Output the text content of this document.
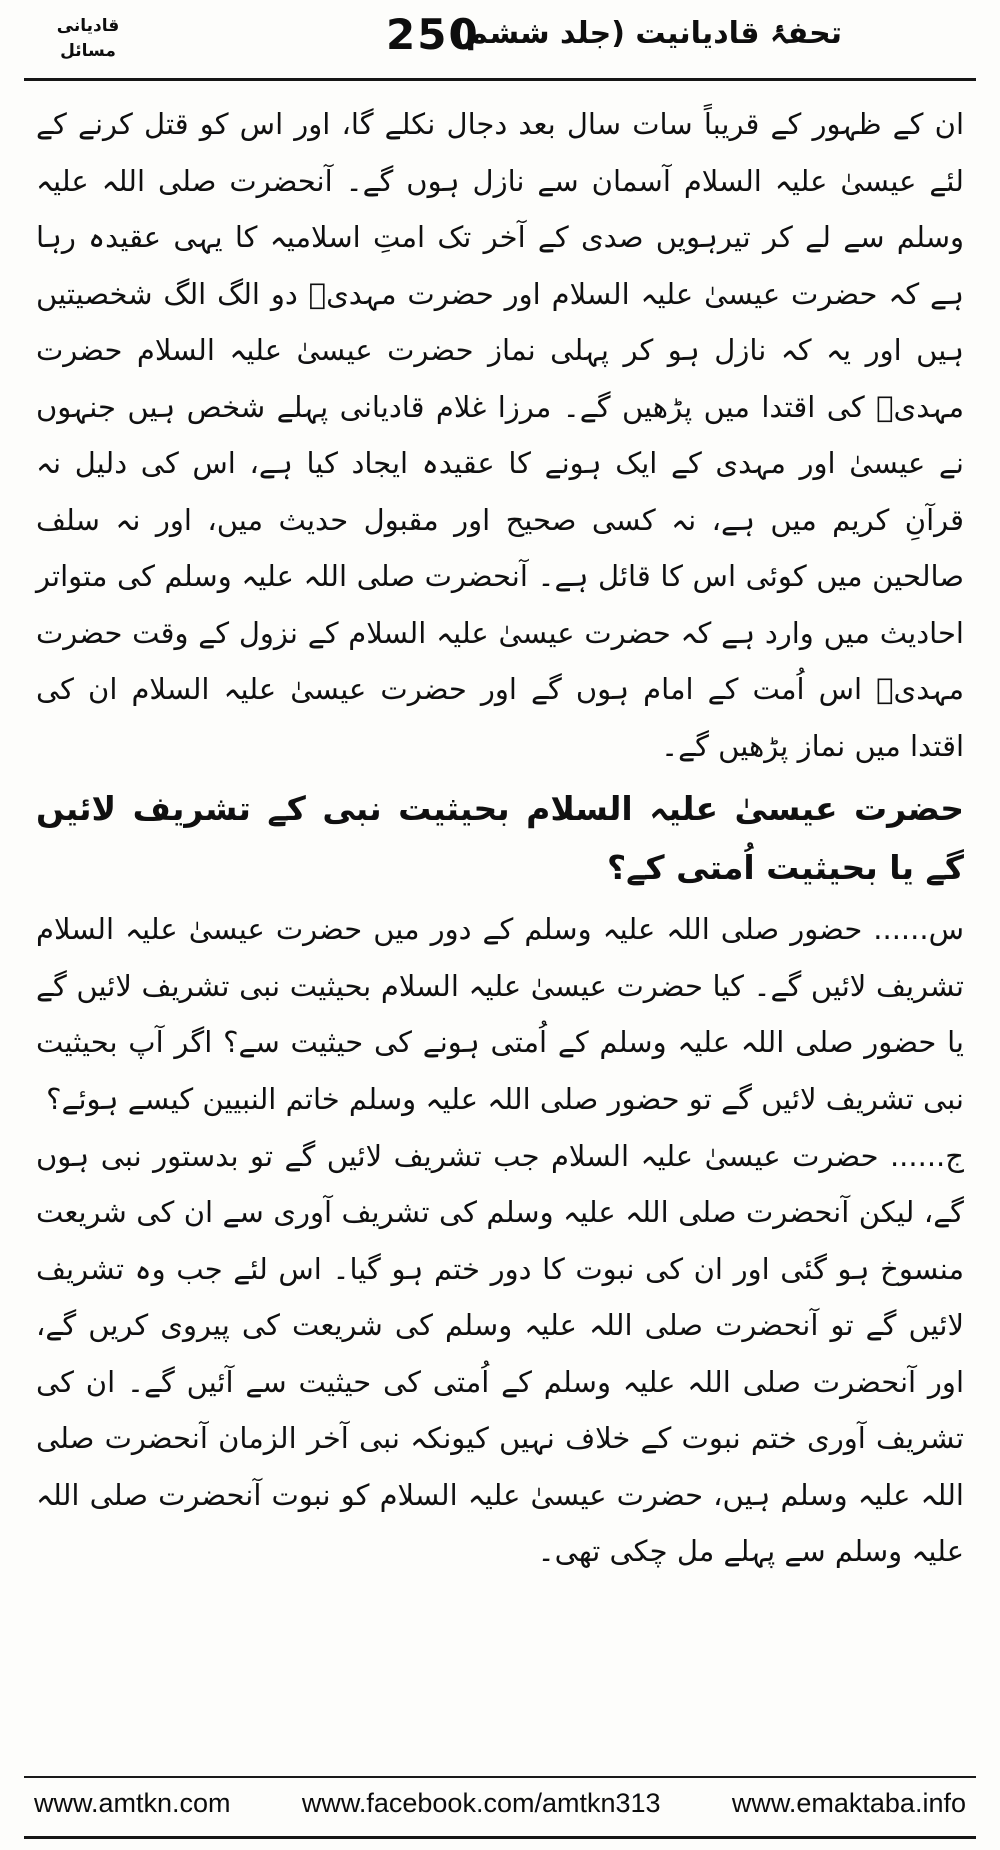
قادیانی
مسائل	250
تحفۂ قادیانیت (جلد ششم)

ان کے ظہور کے قریباً سات سال بعد دجال نکلے گا، اور اس کو قتل کرنے کے لئے عیسیٰ علیہ السلام آسمان سے نازل ہوں گے۔ آنحضرت صلی اللہ علیہ وسلم سے لے کر تیرہویں صدی کے آخر تک امتِ اسلامیہ کا یہی عقیدہ رہا ہے کہ حضرت عیسیٰ علیہ السلام اور حضرت مہدیؓ دو الگ الگ شخصیتیں ہیں اور یہ کہ نازل ہو کر پہلی نماز حضرت عیسیٰ علیہ السلام حضرت مہدیؓ کی اقتدا میں پڑھیں گے۔ مرزا غلام قادیانی پہلے شخص ہیں جنہوں نے عیسیٰ اور مہدی کے ایک ہونے کا عقیدہ ایجاد کیا ہے، اس کی دلیل نہ قرآنِ کریم میں ہے، نہ کسی صحیح اور مقبول حدیث میں، اور نہ سلف صالحین میں کوئی اس کا قائل ہے۔ آنحضرت صلی اللہ علیہ وسلم کی متواتر احادیث میں وارد ہے کہ حضرت عیسیٰ علیہ السلام کے نزول کے وقت حضرت مہدیؓ اس اُمت کے امام ہوں گے اور حضرت عیسیٰ علیہ السلام ان کی اقتدا میں نماز پڑھیں گے۔

حضرت عیسیٰ علیہ السلام بحیثیت نبی کے تشریف لائیں گے یا بحیثیت اُمتی کے؟

س...... حضور صلی اللہ علیہ وسلم کے دور میں حضرت عیسیٰ علیہ السلام تشریف لائیں گے۔ کیا حضرت عیسیٰ علیہ السلام بحیثیت نبی تشریف لائیں گے یا حضور صلی اللہ علیہ وسلم کے اُمتی ہونے کی حیثیت سے؟ اگر آپ بحیثیت نبی تشریف لائیں گے تو حضور صلی اللہ علیہ وسلم خاتم النبیین کیسے ہوئے؟

ج...... حضرت عیسیٰ علیہ السلام جب تشریف لائیں گے تو بدستور نبی ہوں گے، لیکن آنحضرت صلی اللہ علیہ وسلم کی تشریف آوری سے ان کی شریعت منسوخ ہو گئی اور ان کی نبوت کا دور ختم ہو گیا۔ اس لئے جب وہ تشریف لائیں گے تو آنحضرت صلی اللہ علیہ وسلم کی شریعت کی پیروی کریں گے، اور آنحضرت صلی اللہ علیہ وسلم کے اُمتی کی حیثیت سے آئیں گے۔ ان کی تشریف آوری ختم نبوت کے خلاف نہیں کیونکہ نبی آخر الزمان آنحضرت صلی اللہ علیہ وسلم ہیں، حضرت عیسیٰ علیہ السلام کو نبوت آنحضرت صلی اللہ علیہ وسلم سے پہلے مل چکی تھی۔

www.amtkn.com	www.facebook.com/amtkn313	www.emaktaba.info
